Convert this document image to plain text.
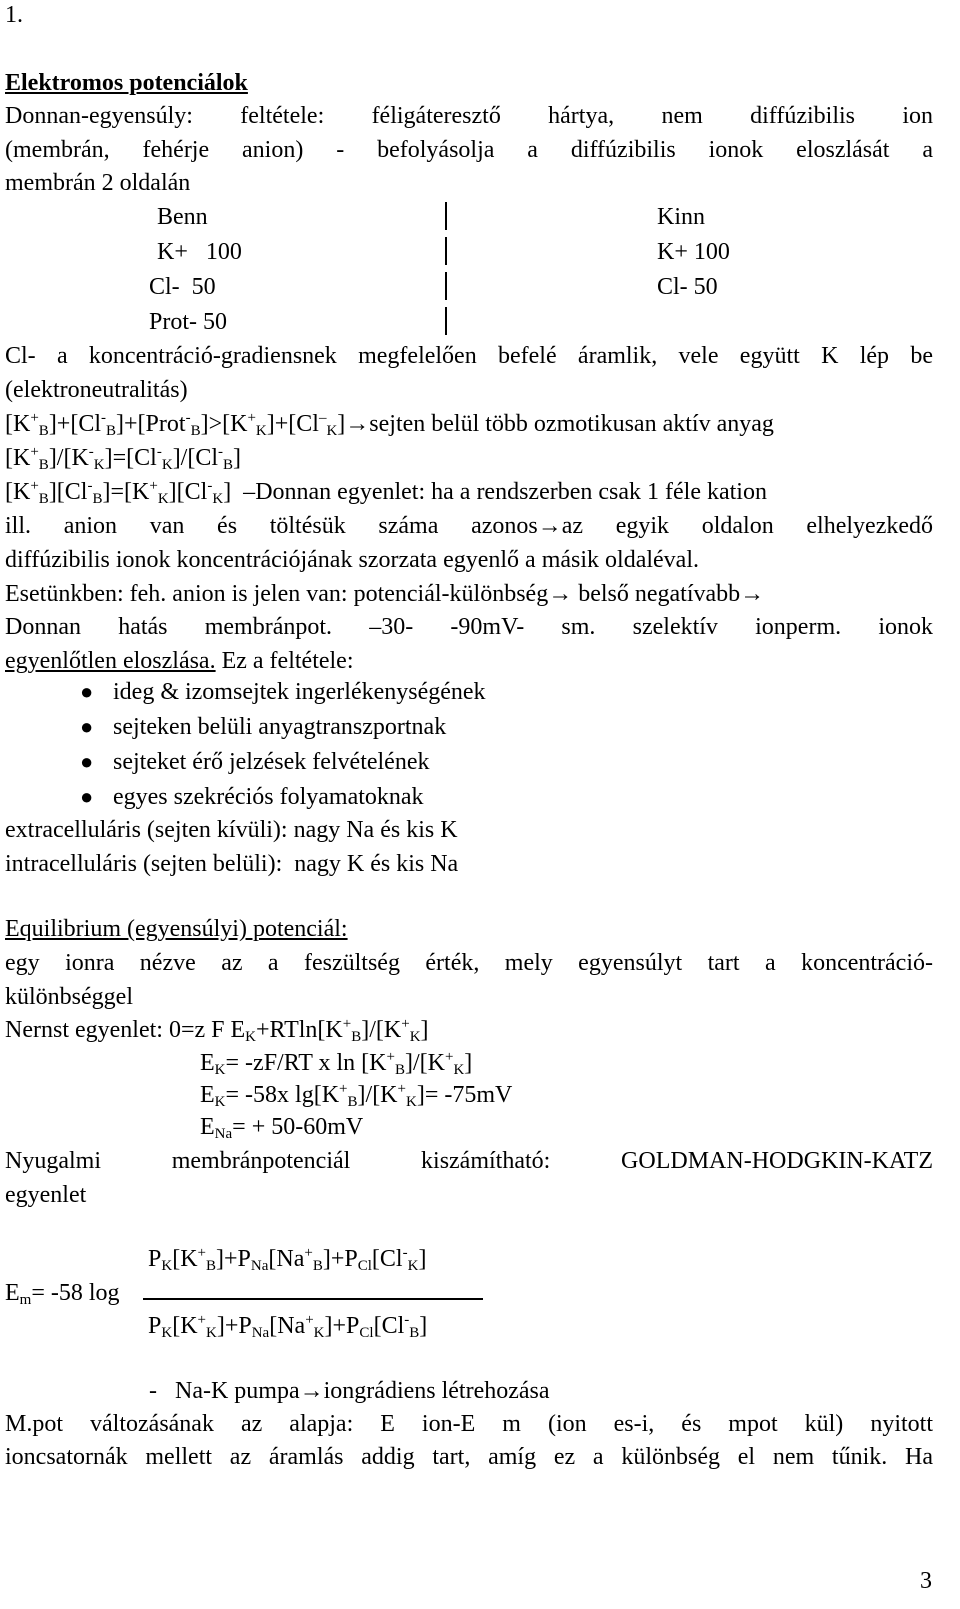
1.
Elektromos potenciálok
Donnan-egyensúly: feltétele: féligáteresztő hártya, nem diffúzibilis ion
(membrán, fehérje anion) - befolyásolja a diffúzibilis ionok eloszlását a
membrán 2 oldalán
Benn	Kinn
K+   100	K+ 100
Cl-  50	Cl- 50
Prot- 50
Cl- a koncentráció-gradiensnek megfelelően befelé áramlik, vele együtt K lép be
(elektroneutralitás)
$[K^+_B]+[Cl^-_B]+[Prot^-_B]>[K^+_K]+[Cl^-_K]\to sejten$ belül több ozmotikusan aktív anyag
$[K^+_B]/[K^-_K]=[Cl^-_K]/[Cl^-_B]$
$[K^+_B][Cl^-_B]=[K^+_K][Cl^-_K]$  –Donnan egyenlet: ha a rendszerben csak 1 féle kation
ill. anion van és töltésük száma azonos→az egyik oldalon elhelyezkedő
diffúzibilis ionok koncentrációjának szorzata egyenlő a másik oldaléval.
Esetünkben: feh. anion is jelen van: potenciál-különbség→ belső negatívabb→
Donnan hatás membránpot. –30- -90mV- sm. szelektív ionperm. ionok
egyenlőtlen eloszlása. Ez a feltétele:
● ideg & izomsejtek ingerlékenységének
● sejteken belüli anyagtranszportnak
● sejteket érő jelzések felvételének
● egyes szekréciós folyamatoknak
extracelluláris (sejten kívüli): nagy Na és kis K
intracelluláris (sejten belüli):  nagy K és kis Na
Equilibrium (egyensúlyi) potenciál:
egy ionra nézve az a feszültség érték, mely egyensúlyt tart a koncentráció-
különbséggel
Nernst egyenlet: 0=z F $E_K+RTln[K^+_B]/[K^+_K]$
$E_K= -zF/RT$ x $\ln [K^+_B]/[K^+_K]$
$E_K= -58x$ $\lg[K^+_B]/[K^+_K]= -75mV$
$E_{Na}= + 50-60mV$
Nyugalmi membránpotenciál kiszámítható: GOLDMAN-HODGKIN-KATZ
egyenlet
$P_K[K^+_B]+P_{Na}[Na^+_B]+P_{Cl}[Cl^-_K]$
$E_m= -58$ log
$P_K[K^+_K]+P_{Na}[Na^+_K]+P_{Cl}[Cl^-_B]$
-   Na-K pumpa→iongrádiens létrehozása
M.pot változásának az alapja: E ion-E m (ion es-i, és mpot kül) nyitott
ioncsatornák mellett az áramlás addig tart, amíg ez a különbség el nem tűnik. Ha
3
